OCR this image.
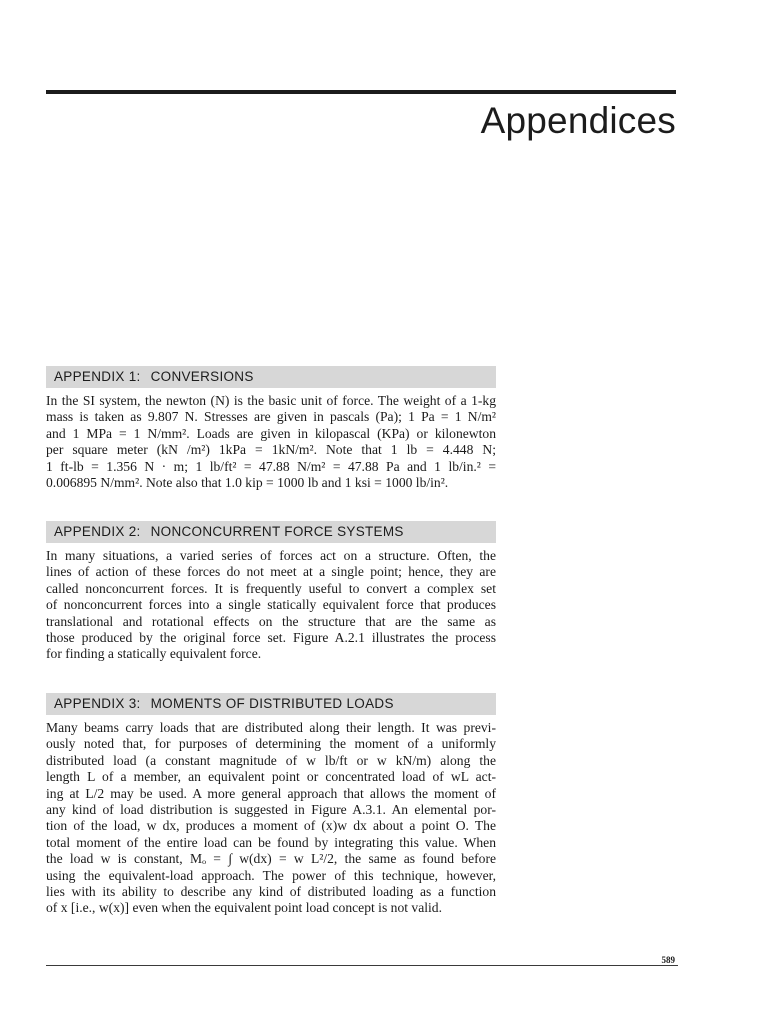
Appendices
APPENDIX 1: CONVERSIONS

In the SI system, the newton (N) is the basic unit of force. The weight of a 1-kg
mass is taken as 9.807 N. Stresses are given in pascals (Pa); 1 Pa = 1 N/m²
and 1 MPa = 1 N/mm². Loads are given in kilopascal (KPa) or kilonewton
per square meter (kN /m²) 1kPa = 1kN/m². Note that 1 lb = 4.448 N;
1 ft-lb = 1.356 N · m; 1 lb/ft² = 47.88 N/m² = 47.88 Pa and 1 lb/in.² =
0.006895 N/mm². Note also that 1.0 kip = 1000 lb and 1 ksi = 1000 lb/in².

APPENDIX 2: NONCONCURRENT FORCE SYSTEMS

In many situations, a varied series of forces act on a structure. Often, the
lines of action of these forces do not meet at a single point; hence, they are
called nonconcurrent forces. It is frequently useful to convert a complex set
of nonconcurrent forces into a single statically equivalent force that produces
translational and rotational effects on the structure that are the same as
those produced by the original force set. Figure A.2.1 illustrates the process
for finding a statically equivalent force.

APPENDIX 3: MOMENTS OF DISTRIBUTED LOADS

Many beams carry loads that are distributed along their length. It was previ-
ously noted that, for purposes of determining the moment of a uniformly
distributed load (a constant magnitude of w lb/ft or w kN/m) along the
length L of a member, an equivalent point or concentrated load of wL act-
ing at L/2 may be used. A more general approach that allows the moment of
any kind of load distribution is suggested in Figure A.3.1. An elemental por-
tion of the load, w dx, produces a moment of (x)w dx about a point O. The
total moment of the entire load can be found by integrating this value. When
the load w is constant, Mₒ = ∫ w(dx) = w L²/2, the same as found before
using the equivalent-load approach. The power of this technique, however,
lies with its ability to describe any kind of distributed loading as a function
of x [i.e., w(x)] even when the equivalent point load concept is not valid.

589
